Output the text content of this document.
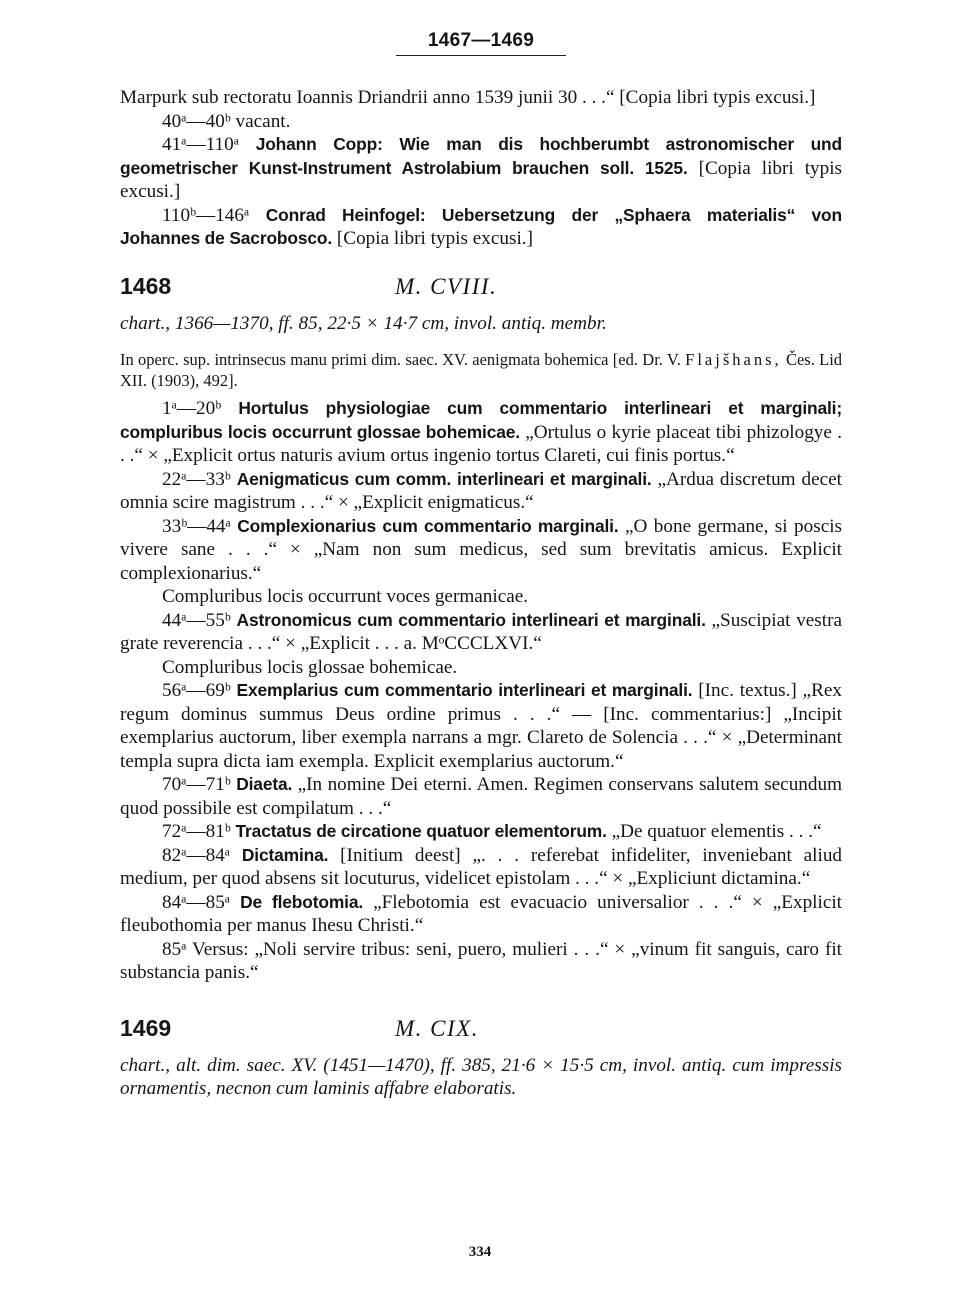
1467—1469

Marpurk sub rectoratu Ioannis Driandrii anno 1539 junii 30 . . .“ [Copia libri typis excusi.]

40ᵃ—40ᵇ vacant.

41ᵃ—110ᵃ Johann Copp: Wie man dis hochberumbt astronomischer und geometrischer Kunst-Instrument Astrolabium brauchen soll. 1525. [Copia libri typis excusi.]

110ᵇ—146ᵃ Conrad Heinfogel: Uebersetzung der „Sphaera materialis“ von Johannes de Sacrobosco. [Copia libri typis excusi.]

1468	M. CVIII.

chart., 1366—1370, ff. 85, 22·5 × 14·7 cm, invol. antiq. membr.

In operc. sup. intrinsecus manu primi dim. saec. XV. aenigmata bohemica [ed. Dr. V. Flajšhans, Čes. Lid XII. (1903), 492].

1ᵃ—20ᵇ Hortulus physiologiae cum commentario interlineari et marginali; compluribus locis occurrunt glossae bohemicae. „Ortulus o kyrie placeat tibi phizologye . . .“ × „Explicit ortus naturis avium ortus ingenio tortus Clareti, cui finis portus.“

22ᵃ—33ᵇ Aenigmaticus cum comm. interlineari et marginali. „Ardua discretum decet omnia scire magistrum . . .“ × „Explicit enigmaticus.“

33ᵇ—44ᵃ Complexionarius cum commentario marginali. „O bone germane, si poscis vivere sane . . .“ × „Nam non sum medicus, sed sum brevitatis amicus. Explicit complexionarius.“

Compluribus locis occurrunt voces germanicae.

44ᵃ—55ᵇ Astronomicus cum commentario interlineari et marginali. „Suscipiat vestra grate reverencia . . .“ × „Explicit . . . a. MᵒCCCLXVI.“

Compluribus locis glossae bohemicae.

56ᵃ—69ᵇ Exemplarius cum commentario interlineari et marginali. [Inc. textus.] „Rex regum dominus summus Deus ordine primus . . .“ — [Inc. commentarius:] „Incipit exemplarius auctorum, liber exempla narrans a mgr. Clareto de Solencia . . .“ × „Determinant templa supra dicta iam exempla. Explicit exemplarius auctorum.“

70ᵃ—71ᵇ Diaeta. „In nomine Dei eterni. Amen. Regimen conservans salutem secundum quod possibile est compilatum . . .“

72ᵃ—81ᵇ Tractatus de circatione quatuor elementorum. „De quatuor elementis . . .“

82ᵃ—84ᵃ Dictamina. [Initium deest] „. . . referebat infideliter, inveniebant aliud medium, per quod absens sit locuturus, videlicet epistolam . . .“ × „Expliciunt dictamina.“

84ᵃ—85ᵃ De flebotomia. „Flebotomia est evacuacio universalior . . .“ × „Explicit fleubothomia per manus Ihesu Christi.“

85ᵃ Versus: „Noli servire tribus: seni, puero, mulieri . . .“ × „vinum fit sanguis, caro fit substancia panis.“

1469	M. CIX.

chart., alt. dim. saec. XV. (1451—1470), ff. 385, 21·6 × 15·5 cm, invol. antiq. cum impressis ornamentis, necnon cum laminis affabre elaboratis.

334
